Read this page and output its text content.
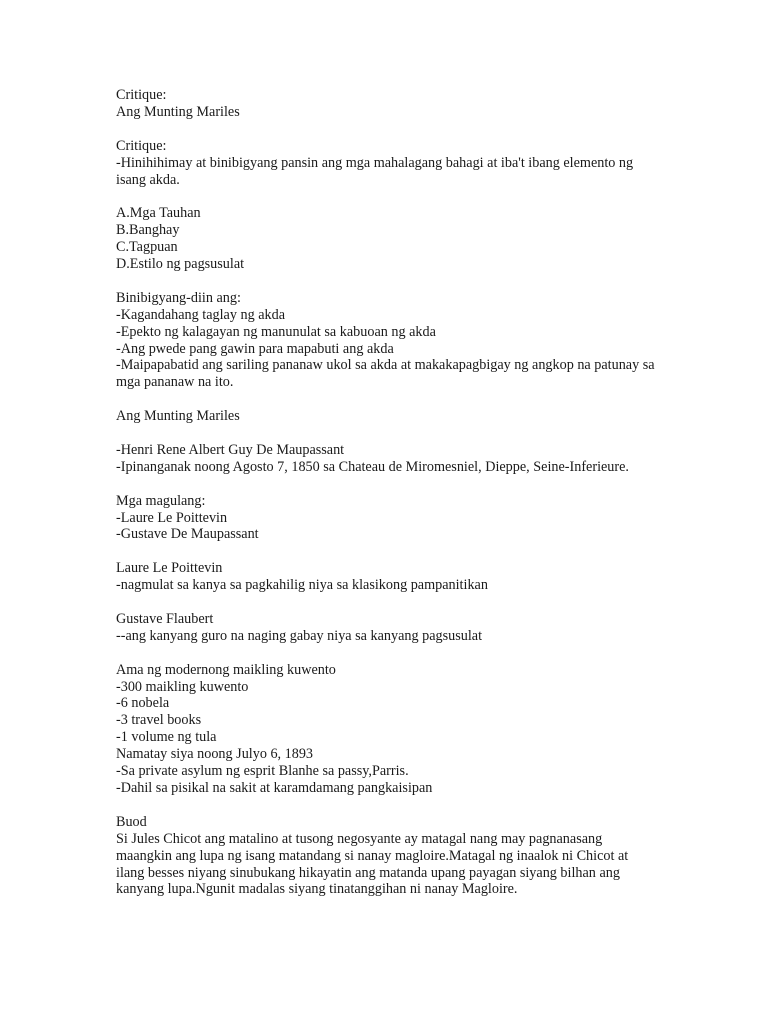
Critique:
Ang Munting Mariles
Critique:
-Hinihihimay at binibigyang pansin ang mga mahalagang bahagi at iba't ibang elemento ng isang akda.
A.Mga Tauhan
B.Banghay
C.Tagpuan
D.Estilo ng pagsusulat
Binibigyang-diin ang:
-Kagandahang taglay ng akda
-Epekto ng kalagayan ng manunulat sa kabuoan ng akda
-Ang pwede pang gawin para mapabuti ang akda
-Maipapabatid ang sariling pananaw ukol sa akda at makakapagbigay ng angkop na patunay sa mga pananaw na ito.
Ang Munting Mariles
-Henri Rene Albert Guy De Maupassant
-Ipinanganak noong Agosto 7, 1850 sa Chateau de Miromesniel, Dieppe, Seine-Inferieure.
Mga magulang:
-Laure Le Poittevin
-Gustave De Maupassant
Laure Le Poittevin
-nagmulat sa kanya sa pagkahilig niya sa klasikong pampanitikan
Gustave Flaubert
--ang kanyang guro na naging gabay niya sa kanyang pagsusulat
Ama ng modernong maikling kuwento
-300 maikling kuwento
-6 nobela
-3 travel books
-1 volume ng tula
Namatay siya noong Julyo 6, 1893
-Sa private asylum ng esprit Blanhe sa passy,Parris.
-Dahil sa pisikal na sakit at karamdamang pangkaisipan
Buod
Si Jules Chicot ang matalino at tusong negosyante ay matagal nang may pagnanasang maangkin ang lupa ng isang matandang si nanay magloire.Matagal ng inaalok ni Chicot at ilang besses niyang sinubukang hikayatin ang matanda upang payagan siyang bilhan ang kanyang lupa.Ngunit madalas siyang tinatanggihan ni nanay Magloire.
